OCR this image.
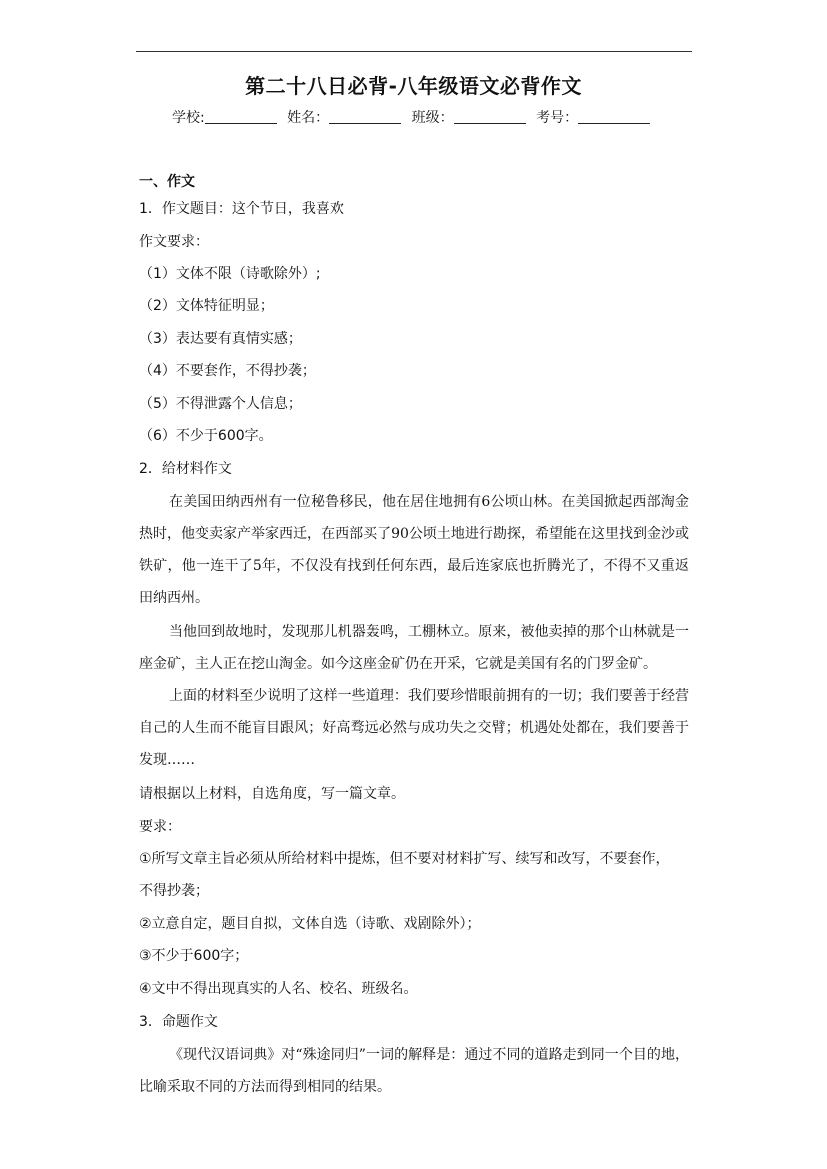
第二十八日必背-八年级语文必背作文
学校:	姓名：	班级：	考号：
一、作文
1．作文题目：这个节日，我喜欢
作文要求：
（1）文体不限（诗歌除外）;
（2）文体特征明显；
（3）表达要有真情实感；
（4）不要套作，不得抄袭；
（5）不得泄露个人信息；
（6）不少于600字。
2．给材料作文
在美国田纳西州有一位秘鲁移民，他在居住地拥有6公顷山林。在美国掀起西部淘金热时，他变卖家产举家西迁，在西部买了90公顷土地进行勘探，希望能在这里找到金沙或铁矿，他一连干了5年，不仅没有找到任何东西，最后连家底也折腾光了，不得不又重返田纳西州。
当他回到故地时，发现那儿机器轰鸣，工棚林立。原来，被他卖掉的那个山林就是一座金矿，主人正在挖山淘金。如今这座金矿仍在开采，它就是美国有名的门罗金矿。
上面的材料至少说明了这样一些道理：我们要珍惜眼前拥有的一切；我们要善于经营自己的人生而不能盲目跟风；好高骛远必然与成功失之交臂；机遇处处都在，我们要善于发现……
请根据以上材料，自选角度，写一篇文章。
要求：
①所写文章主旨必须从所给材料中提炼，但不要对材料扩写、续写和改写，不要套作，
不得抄袭；
②立意自定，题目自拟，文体自选（诗歌、戏剧除外）；
③不少于600字；
④文中不得出现真实的人名、校名、班级名。
3．命题作文
《现代汉语词典》对“殊途同归”一词的解释是：通过不同的道路走到同一个目的地，比喻采取不同的方法而得到相同的结果。
